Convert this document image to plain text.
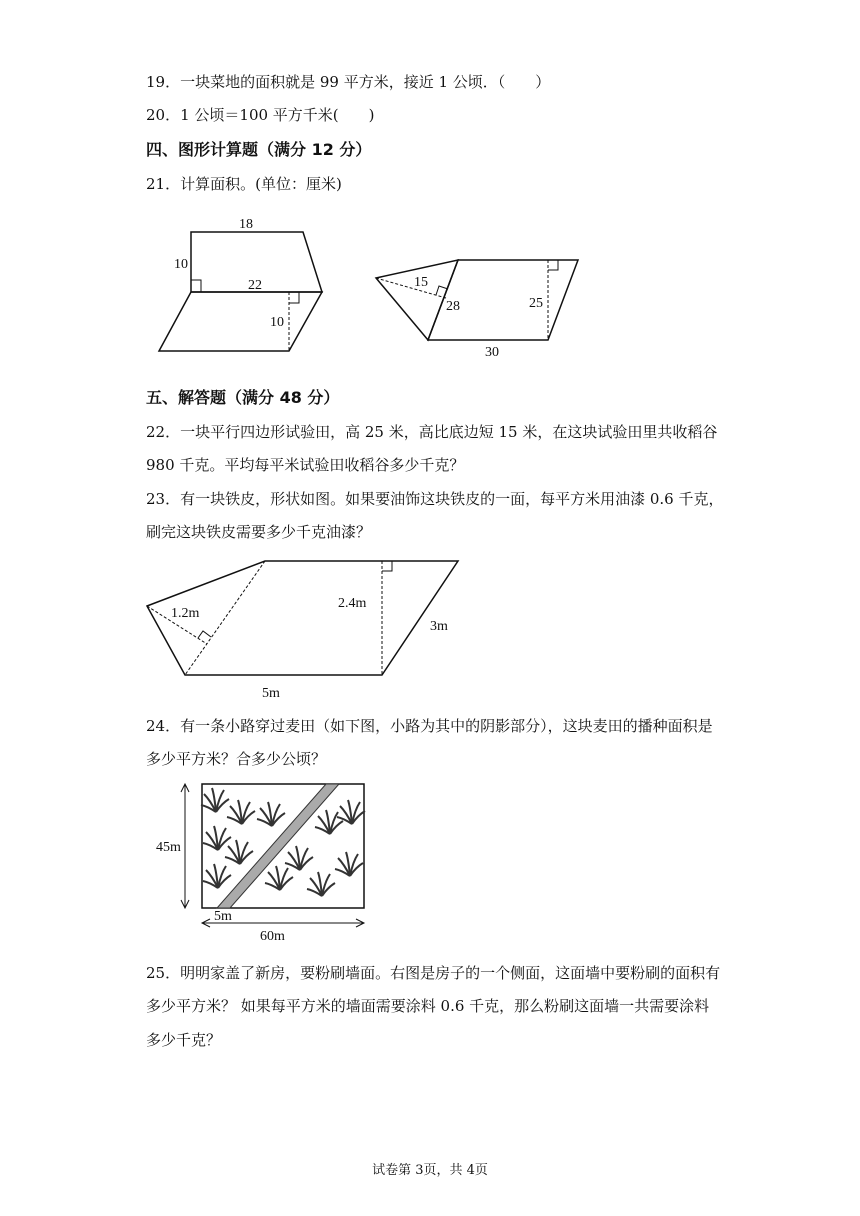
19．一块菜地的面积就是 99 平方米，接近 1 公顷．（　　）
20．1 公顷＝100 平方千米(　　)
四、图形计算题（满分 12 分）
21．计算面积。(单位：厘米)
18
10
22
10
15
28	25
30
五、解答题（满分 48 分）
22．一块平行四边形试验田，高 25 米，高比底边短 15 米，在这块试验田里共收稻谷
980 千克。平均每平米试验田收稻谷多少千克？
23．有一块铁皮，形状如图。如果要油饰这块铁皮的一面，每平方米用油漆 0.6 千克，
刷完这块铁皮需要多少千克油漆？
1.2m
2.4m
3m
5m
24．有一条小路穿过麦田（如下图，小路为其中的阴影部分），这块麦田的播种面积是
多少平方米？合多少公顷？
45m
5m
60m
25．明明家盖了新房，要粉刷墙面。右图是房子的一个侧面，这面墙中要粉刷的面积有
多少平方米？ 如果每平方米的墙面需要涂料 0.6 千克，那么粉刷这面墙一共需要涂料
多少千克？
试卷第 3页，共 4页
